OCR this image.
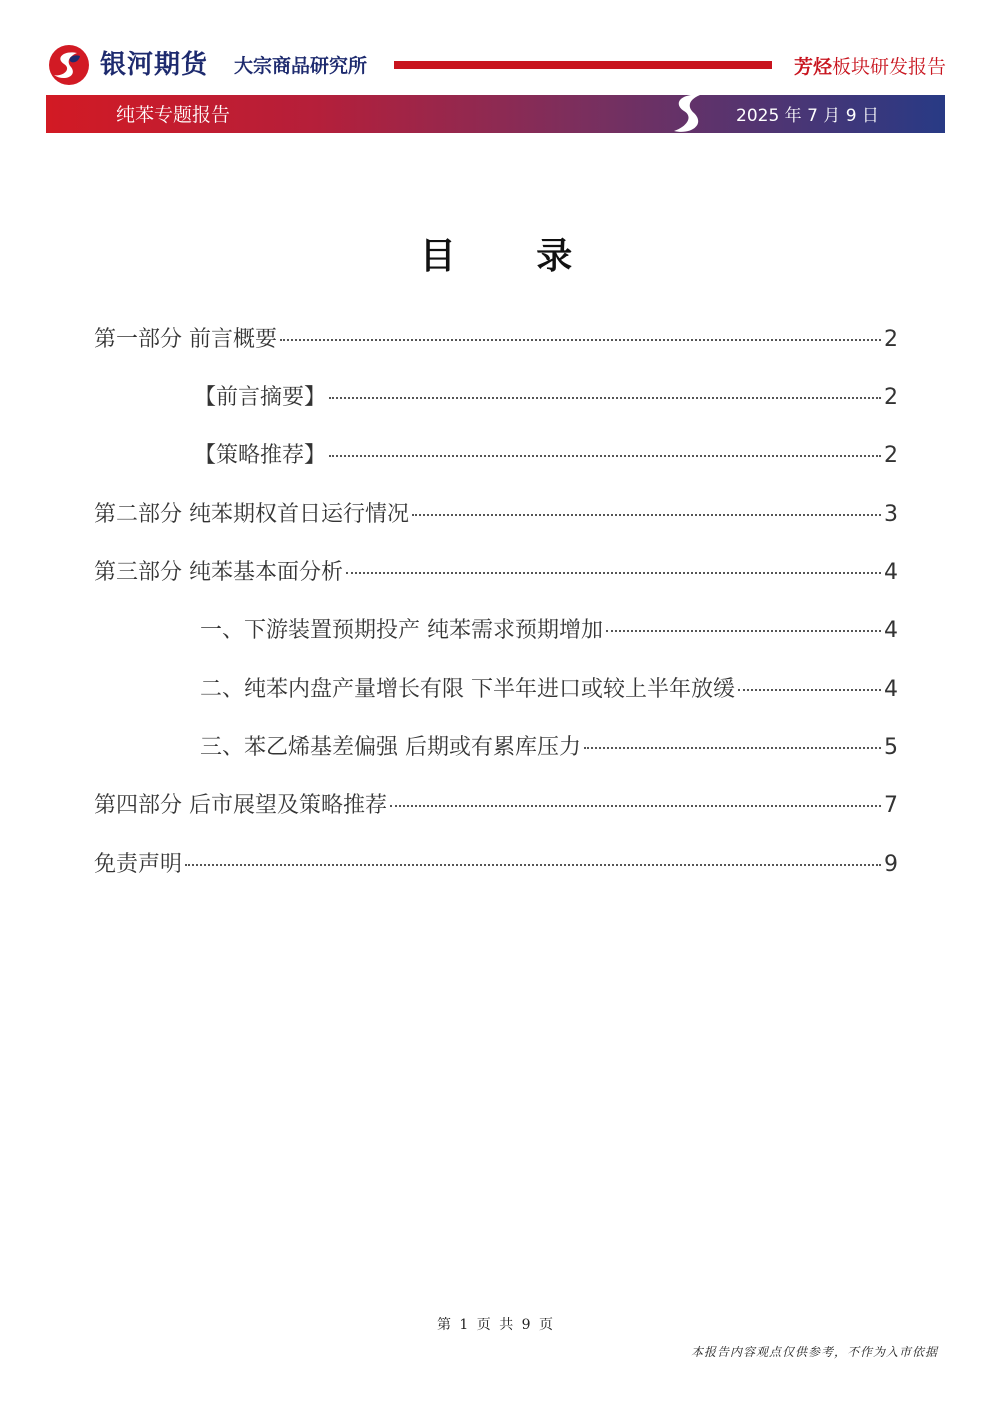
银河期货 大宗商品研究所	芳烃板块研发报告
纯苯专题报告	2025 年 7 月 9 日
目 录
第一部分 前言概要	2
【前言摘要】	2
【策略推荐】	2
第二部分 纯苯期权首日运行情况	3
第三部分 纯苯基本面分析	4
一、下游装置预期投产 纯苯需求预期增加	4
二、纯苯内盘产量增长有限 下半年进口或较上半年放缓	4
三、苯乙烯基差偏强 后期或有累库压力	5
第四部分 后市展望及策略推荐	7
免责声明	9
第 1 页 共 9 页
本报告内容观点仅供参考，不作为入市依据
